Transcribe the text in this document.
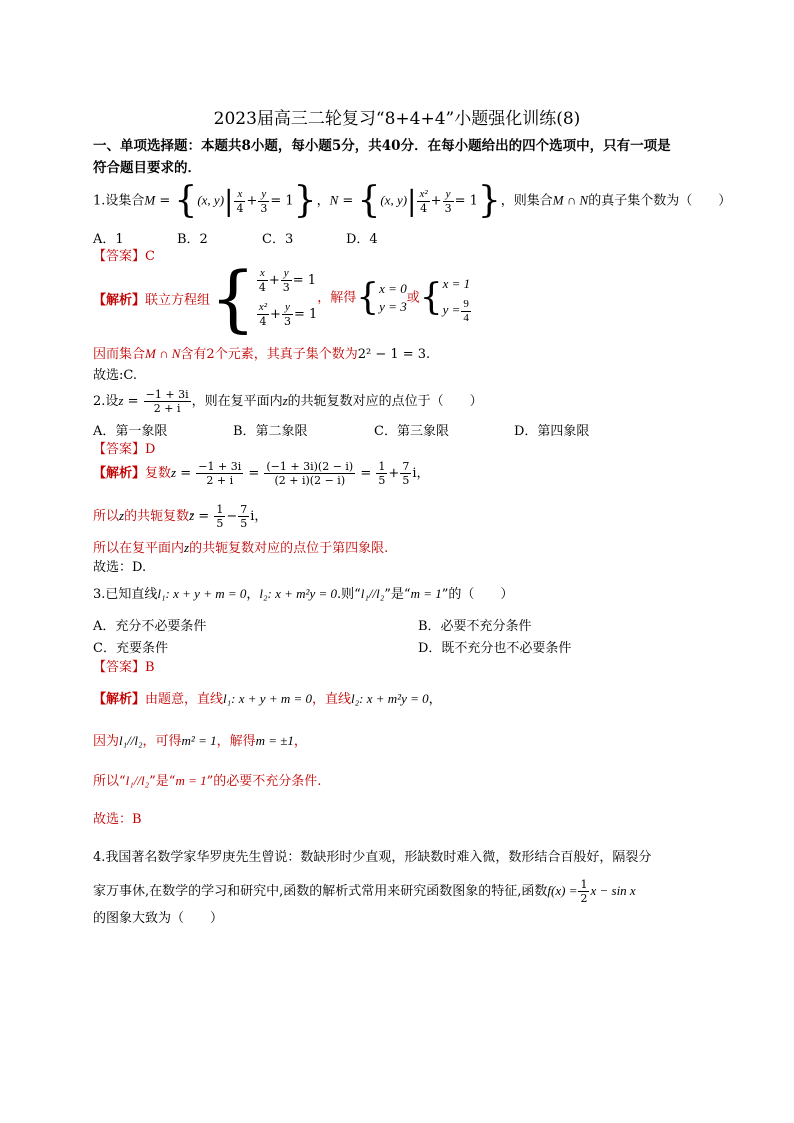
2023届高三二轮复习“8+4+4”小题强化训练(8)
一、单项选择题：本题共8小题，每小题5分，共40分．在每小题给出的四个选项中，只有一项是
符合题目要求的．
1.设集合M = {(x, $y)| \frac{x}{4} + \frac{y}{3} = 1$}，N = {(x, $y)| \frac{\text{x²}}{4} + \frac{y}{3} = 1$}，则集合M ∩ N的真子集个数为（　　）
A．1	B．2	C．3	D．4
【答案】C
【解析】联立方程组{ $\frac{x}{4} + \frac{y}{3} = 1$
$\frac{\text{x²}}{4} + \frac{y}{3} = 1$
，解得{ x = 0
y = 3
或{ x = 1
$y = \frac{9}{4}$
因而集合M ∩ N含有2个元素，其真子集个数为2² − 1 = 3.
故选:C.
2.设$z = \frac{-1 + 3i}{2 + i}$ ，则在复平面内z的共轭复数对应的点位于（　　）
A．第一象限	B．第二象限	C．第三象限	D．第四象限
【答案】D
【解析】复数$z = \frac{-1 + 3i}{2 + i} = \frac{(-1 + 3i)(2 - i)}{(2 + i)(2 - i)} = \frac{1}{5} + \frac{7}{5}$ i，
所以z的共轭复数z̄ = $\frac{1}{5} - \frac{7}{5}$ i，
所以在复平面内z的共轭复数对应的点位于第四象限.
故选：D.
3.已知直线l₁: x + y + m = 0，l₂: x + m²y = 0.则“l₁//l₂”是“m = 1”的（　　）
A．充分不必要条件	B．必要不充分条件
C．充要条件	D．既不充分也不必要条件
【答案】B
【解析】由题意，直线l₁: x + y + m = 0，直线l₂: x + m²y = 0，
因为l₁//l₂，可得m² = 1，解得m = ±1，
所以“l₁//l₂”是“m = 1”的必要不充分条件.
故选：B
4.我国著名数学家华罗庚先生曾说：数缺形时少直观，形缺数时难入微，数形结合百般好，隔裂分
家万事休,在数学的学习和研究中,函数的解析式常用来研究函数图象的特征,函数$f(x) = \frac{1}{2}$ x − sin x
的图象大致为（　　）
